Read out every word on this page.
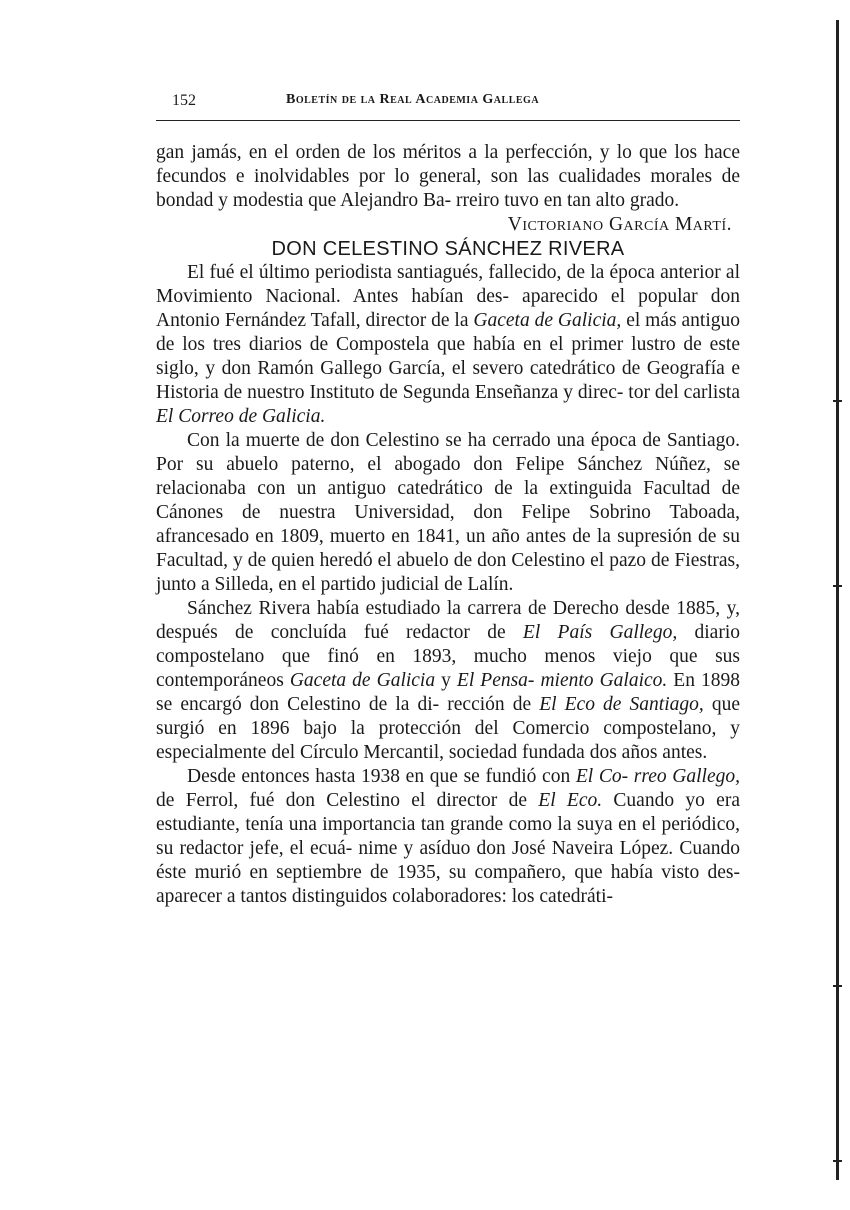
152	Boletín de la Real Academia Gallega

gan jamás, en el orden de los méritos a la perfección, y lo que los hace fecundos e inolvidables por lo general, son las cualidades morales de bondad y modestia que Alejandro Ba- rreiro tuvo en tan alto grado.

Victoriano García Martí.

DON CELESTINO SÁNCHEZ RIVERA

El fué el último periodista santiagués, fallecido, de la época anterior al Movimiento Nacional. Antes habían des- aparecido el popular don Antonio Fernández Tafall, director de la Gaceta de Galicia, el más antiguo de los tres diarios de Compostela que había en el primer lustro de este siglo, y don Ramón Gallego García, el severo catedrático de Geografía e Historia de nuestro Instituto de Segunda Enseñanza y direc- tor del carlista El Correo de Galicia.

Con la muerte de don Celestino se ha cerrado una época de Santiago. Por su abuelo paterno, el abogado don Felipe Sánchez Núñez, se relacionaba con un antiguo catedrático de la extinguida Facultad de Cánones de nuestra Universidad, don Felipe Sobrino Taboada, afrancesado en 1809, muerto en 1841, un año antes de la supresión de su Facultad, y de quien heredó el abuelo de don Celestino el pazo de Fiestras, junto a Silleda, en el partido judicial de Lalín.

Sánchez Rivera había estudiado la carrera de Derecho desde 1885, y, después de concluída fué redactor de El País Gallego, diario compostelano que finó en 1893, mucho menos viejo que sus contemporáneos Gaceta de Galicia y El Pensa- miento Galaico. En 1898 se encargó don Celestino de la di- rección de El Eco de Santiago, que surgió en 1896 bajo la protección del Comercio compostelano, y especialmente del Círculo Mercantil, sociedad fundada dos años antes.

Desde entonces hasta 1938 en que se fundió con El Co- rreo Gallego, de Ferrol, fué don Celestino el director de El Eco. Cuando yo era estudiante, tenía una importancia tan grande como la suya en el periódico, su redactor jefe, el ecuá- nime y asíduo don José Naveira López. Cuando éste murió en septiembre de 1935, su compañero, que había visto des- aparecer a tantos distinguidos colaboradores: los catedráti-
